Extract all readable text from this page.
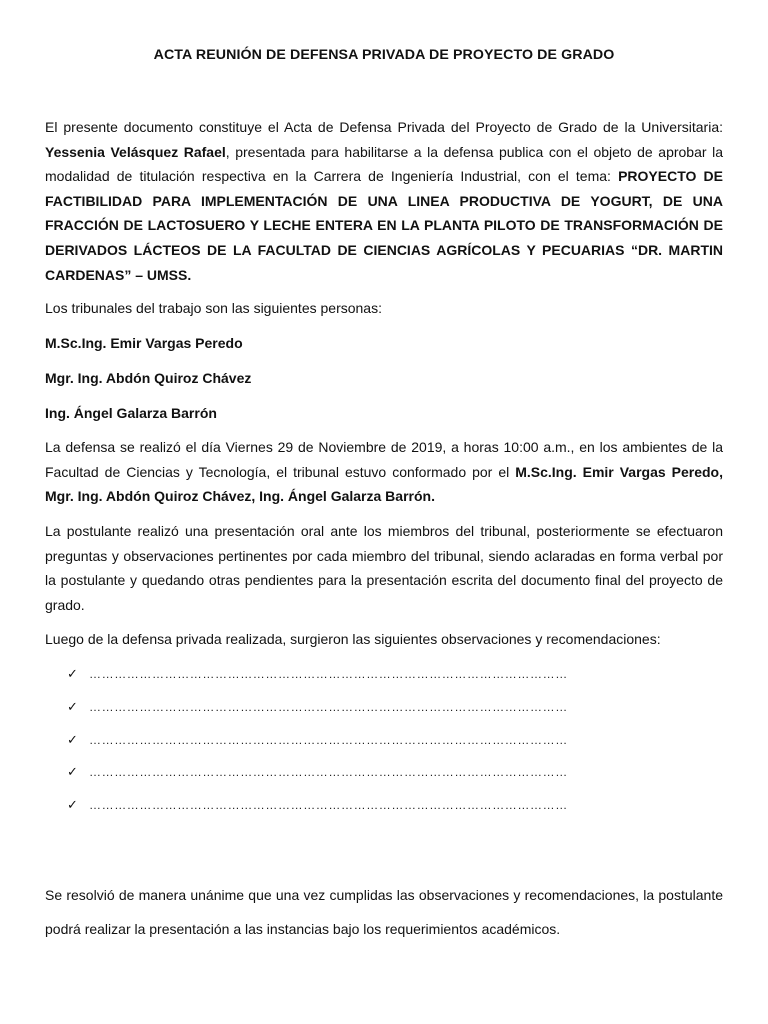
ACTA REUNIÓN DE DEFENSA PRIVADA DE PROYECTO DE GRADO
El presente documento constituye el Acta de Defensa Privada del Proyecto de Grado de la Universitaria: Yessenia Velásquez Rafael, presentada para habilitarse a la defensa publica con el objeto de aprobar la modalidad de titulación respectiva en la Carrera de Ingeniería Industrial, con el tema: PROYECTO DE FACTIBILIDAD PARA IMPLEMENTACIÓN DE UNA LINEA PRODUCTIVA DE YOGURT, DE UNA FRACCIÓN DE LACTOSUERO Y LECHE ENTERA EN LA PLANTA PILOTO DE TRANSFORMACIÓN DE DERIVADOS LÁCTEOS DE LA FACULTAD DE CIENCIAS AGRÍCOLAS Y PECUARIAS “DR. MARTIN CARDENAS” – UMSS.
Los tribunales del trabajo son las siguientes personas:
M.Sc.Ing. Emir Vargas Peredo
Mgr. Ing. Abdón Quiroz Chávez
Ing. Ángel Galarza Barrón
La defensa se realizó el día Viernes 29 de Noviembre de 2019, a horas 10:00 a.m., en los ambientes de la Facultad de Ciencias y Tecnología, el tribunal estuvo conformado por el M.Sc.Ing. Emir Vargas Peredo, Mgr. Ing. Abdón Quiroz Chávez, Ing. Ángel Galarza Barrón.
La postulante realizó una presentación oral ante los miembros del tribunal, posteriormente se efectuaron preguntas y observaciones pertinentes por cada miembro del tribunal, siendo aclaradas en forma verbal por la postulante y quedando otras pendientes para la presentación escrita del documento final del proyecto de grado.
Luego de la defensa privada realizada, surgieron las siguientes observaciones y recomendaciones:
✓ ……………………………………………………………………………………………………
✓ ……………………………………………………………………………………………………
✓ ……………………………………………………………………………………………………
✓ ……………………………………………………………………………………………………
✓ ……………………………………………………………………………………………………
Se resolvió de manera unánime que una vez cumplidas las observaciones y recomendaciones, la postulante podrá realizar la presentación a las instancias bajo los requerimientos académicos.
